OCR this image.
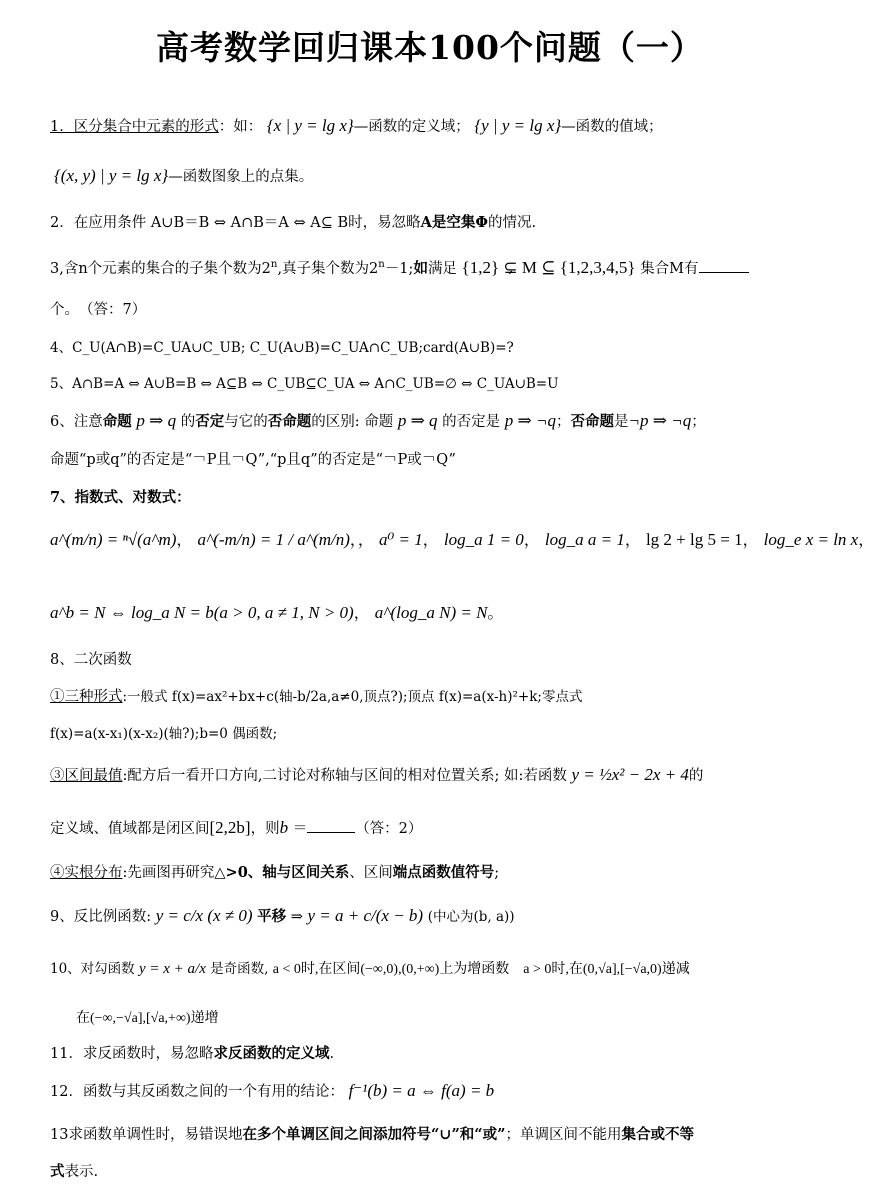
高考数学回归课本100个问题（一）
1．区分集合中元素的形式：如： {x | y = lg x}—函数的定义域； {y | y = lg x}—函数的值域；
{(x, y) | y = lg x}—函数图象上的点集。
2．在应用条件 A∪B＝B ⇔ A∩B＝A ⇔ A⊆ B时，易忽略A是空集Φ的情况.
3,含n个元素的集合的子集个数为2$^n$,真子集个数为$2^n-1$;如满足 {1,2} ⊊ M ⊆ {1,2,3,4,5} 集合M有
个。　（答：7）
4、C_U(A∩B)=C_UA∪C_UB; C_U(A∪B)=C_UA∩C_UB;card(A∪B)=?
5、A∩B=A ⇔ A∪B=B ⇔ A⊆B ⇔ C_UB⊆C_UA ⇔ A∩C_UB=∅ ⇔ C_UA∪B=U
6、注意命题 p ⇒ q 的否定与它的否命题的区别: 命题 p ⇒ q 的否定是 p ⇒ ¬q；否命题是¬p ⇒ ¬q；
命题“p或q”的否定是“￢P且￢Q”,“p且q”的否定是“￢P或￢Q”
7、指数式、对数式：
a^(m/n) = ⁿ√(a^m)， a^(-m/n) = 1 / a^(m/n)，， a⁰ = 1， log_a 1 = 0， log_a a = 1， lg 2 + lg 5 = 1， log_e x = ln x，
a^b = N ⇔ log_a N = b(a > 0, a ≠ 1, N > 0)， a^(log_a N) = N。
8、二次函数
①三种形式:一般式 f(x)=ax²+bx+c(轴-b/2a,a≠0,顶点?);顶点 f(x)=a(x-h)²+k;零点式
f(x)=a(x-x₁)(x-x₂)(轴?);b=0 偶函数;
③区间最值:配方后一看开口方向,二讨论对称轴与区间的相对位置关系; 如:若函数 y = ½x² − 2x + 4的
定义域、值域都是闭区间[2,2b]，则b ＝	（答：2）
④实根分布:先画图再研究△>0、轴与区间关系、区间端点函数值符号;
9、反比例函数: y = c/x (x ≠ 0) 平移 ⇒ y = a + c/(x − b) (中心为(b, a))
10、对勾函数 y = x + a/x 是奇函数, a < 0时,在区间(−∞,0),(0,+∞)上为增函数　a > 0时,在(0,√a],[−√a,0)递减
在(−∞,−√a],[√a,+∞)递增
11．求反函数时，易忽略求反函数的定义域.
12．函数与其反函数之间的一个有用的结论： f⁻¹(b) = a ⇔ f(a) = b
13求函数单调性时，易错误地在多个单调区间之间添加符号“∪”和“或”；单调区间不能用集合或不等
式表示.
